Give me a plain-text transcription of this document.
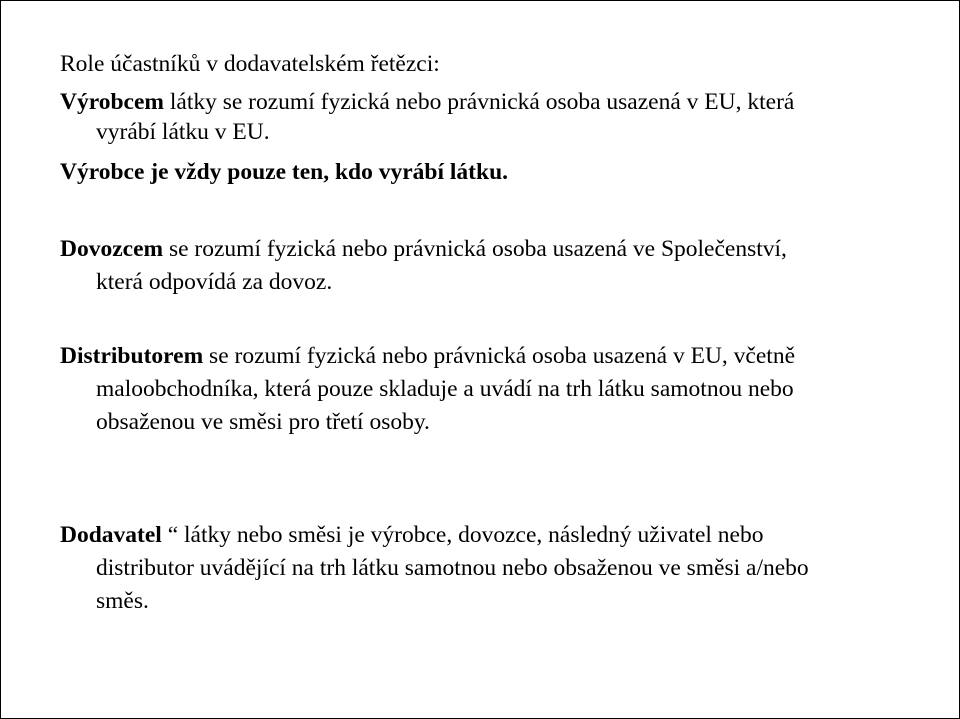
Role účastníků v dodavatelském řetězci:
Výrobcem látky se rozumí fyzická nebo právnická osoba usazená v EU, která
vyrábí látku v EU.
Výrobce je vždy pouze ten, kdo vyrábí látku.
Dovozcem se rozumí fyzická nebo právnická osoba usazená ve Společenství,
která odpovídá za dovoz.
Distributorem se rozumí fyzická nebo právnická osoba usazená v EU, včetně
maloobchodníka, která pouze skladuje a uvádí na trh látku samotnou nebo
obsaženou ve směsi pro třetí osoby.
Dodavatel “ látky nebo směsi je výrobce, dovozce, následný uživatel nebo
distributor uvádějící na trh látku samotnou nebo obsaženou ve směsi a/nebo
směs.
